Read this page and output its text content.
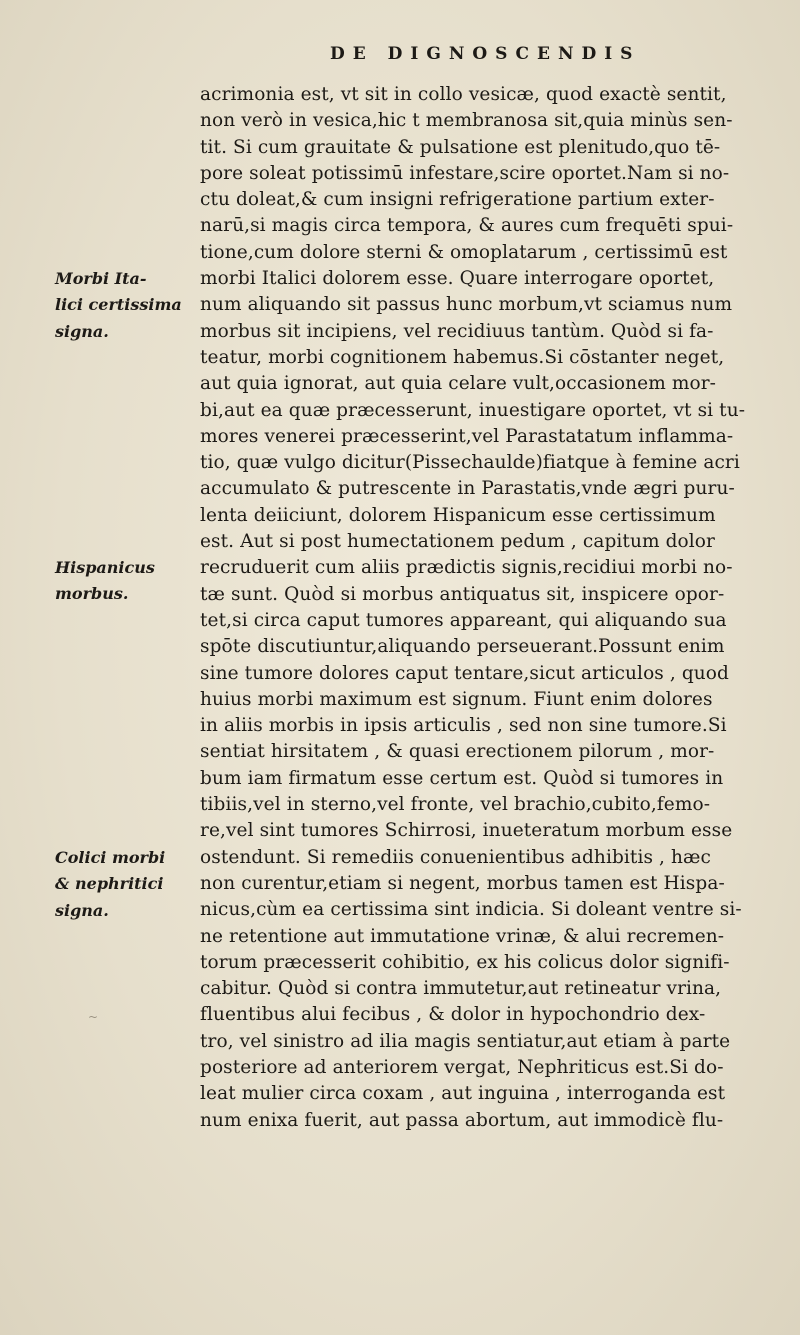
DE DIGNOSCENDIS
acrimonia est, vt sit in collo vesicæ, quod exactè sentit,
non verò in vesica,hic t membranosa sit,quia minùs sen-
tit. Si cum grauitate & pulsatione est plenitudo,quo tē-
pore soleat potissimū infestare,scire oportet.Nam si no-
ctu doleat,& cum insigni refrigeratione partium exter-
narū,si magis circa tempora, & aures cum frequēti spui-
tione,cum dolore sterni & omoplatarum , certissimū est
morbi Italici dolorem esse. Quare interrogare oportet,
num aliquando sit passus hunc morbum,vt sciamus num
morbus sit incipiens, vel recidiuus tantùm. Quòd si fa-
teatur, morbi cognitionem habemus.Si cōstanter neget,
aut quia ignorat, aut quia celare vult,occasionem mor-
bi,aut ea quæ præcesserunt, inuestigare oportet, vt si tu-
mores venerei præcesserint,vel Parastatatum inflamma-
tio, quæ vulgo dicitur(Pissechaulde)fiatque à femine acri
accumulato & putrescente in Parastatis,vnde ægri puru-
lenta deiiciunt, dolorem Hispanicum esse certissimum
est. Aut si post humectationem pedum , capitum dolor
recruduerit cum aliis prædictis signis,recidiui morbi no-
tæ sunt. Quòd si morbus antiquatus sit, inspicere opor-
tet,si circa caput tumores appareant, qui aliquando sua
spōte discutiuntur,aliquando perseuerant.Possunt enim
sine tumore dolores caput tentare,sicut articulos , quod
huius morbi maximum est signum. Fiunt enim dolores
in aliis morbis in ipsis articulis , sed non sine tumore.Si
sentiat hirsitatem , & quasi erectionem pilorum , mor-
bum iam firmatum esse certum est. Quòd si tumores in
tibiis,vel in sterno,vel fronte, vel brachio,cubito,femo-
re,vel sint tumores Schirrosi, inueteratum morbum esse
ostendunt. Si remediis conuenientibus adhibitis , hæc
non curentur,etiam si negent, morbus tamen est Hispa-
nicus,cùm ea certissima sint indicia. Si doleant ventre si-
ne retentione aut immutatione vrinæ, & alui recremen-
torum præcesserit cohibitio, ex his colicus dolor signifi-
cabitur. Quòd si contra immutetur,aut retineatur vrina,
fluentibus alui fecibus , & dolor in hypochondrio dex-
tro, vel sinistro ad ilia magis sentiatur,aut etiam à parte
posteriore ad anteriorem vergat, Nephriticus est.Si do-
leat mulier circa coxam , aut inguina , interroganda est
num enixa fuerit, aut passa abortum, aut immodicè flu-
Morbi Ita-
lici certissima
signa.
Hispanicus
morbus.
Colici morbi
& nephritici
signa.
~
